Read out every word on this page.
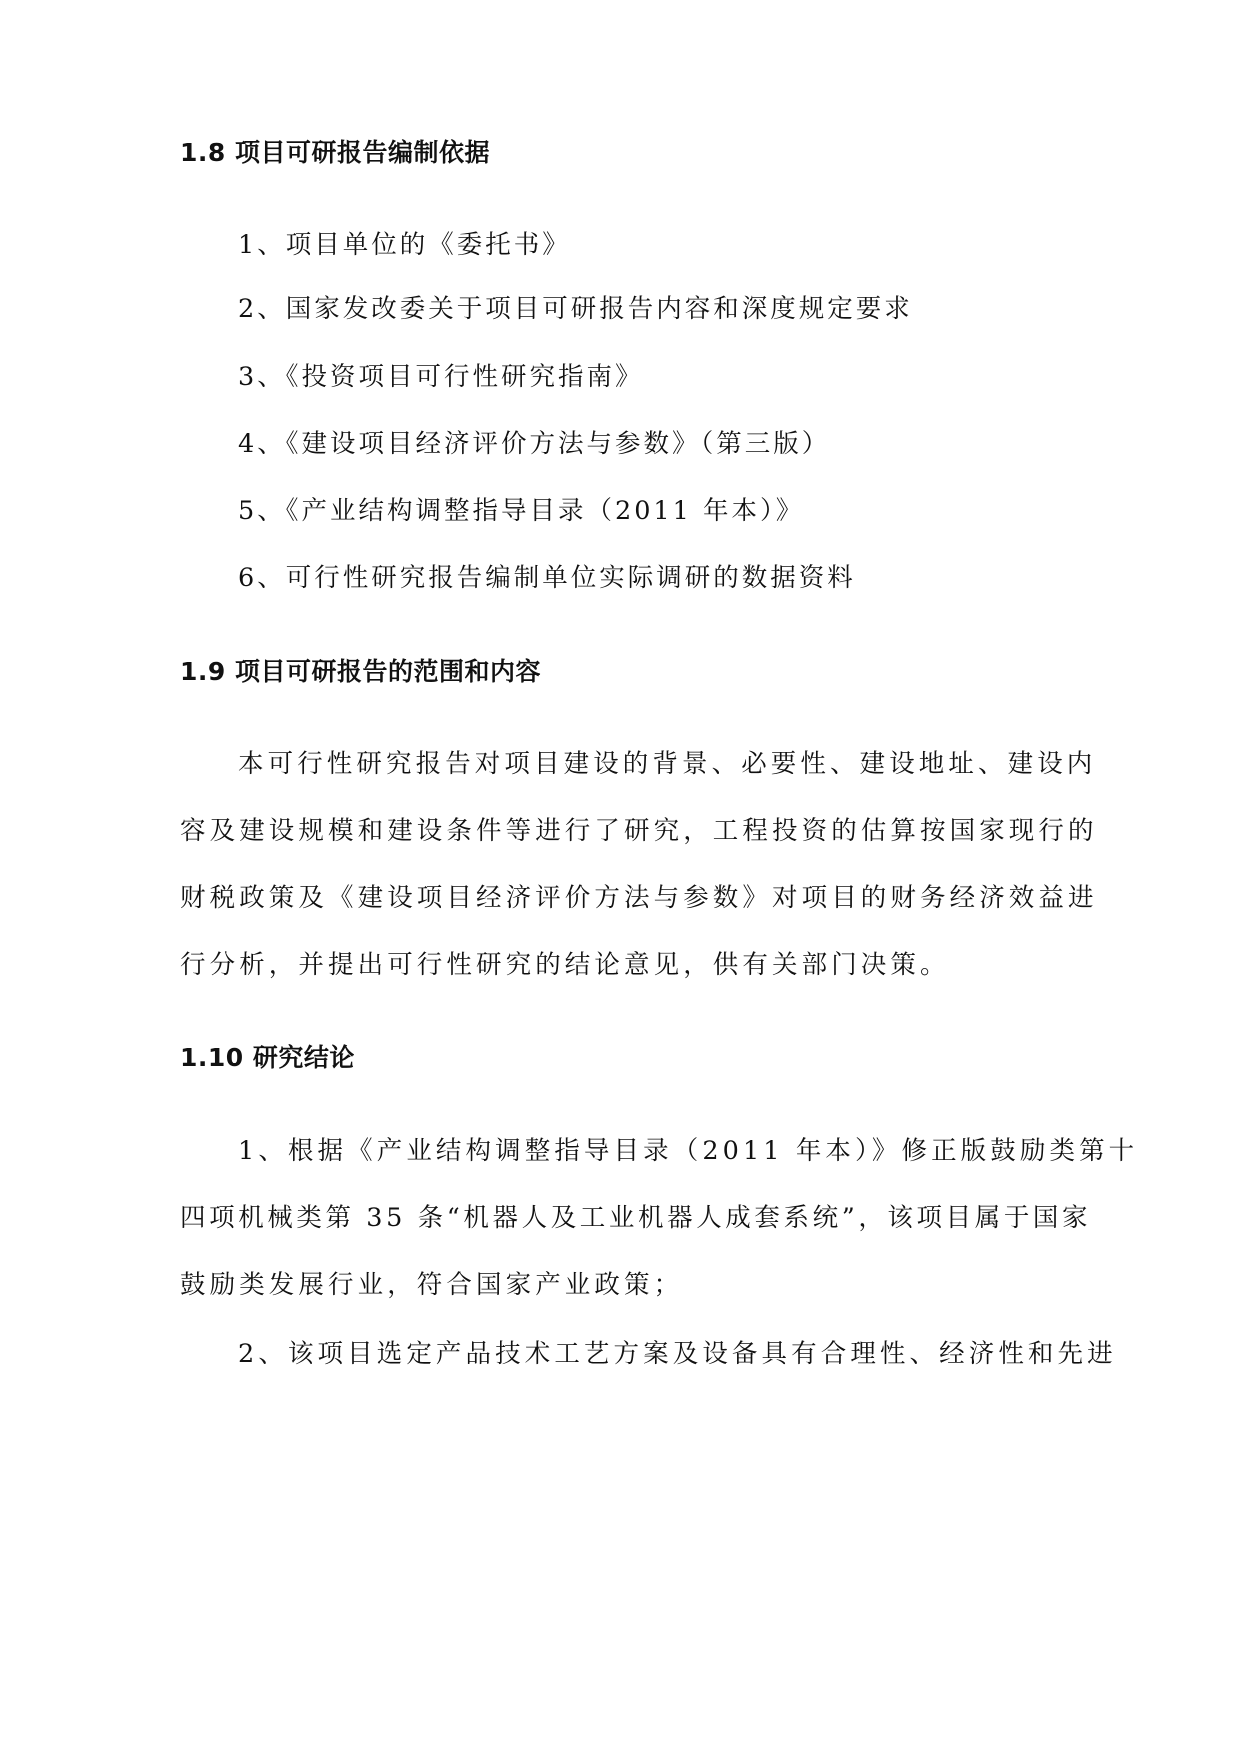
1.8 项目可研报告编制依据
1、项目单位的《委托书》
2、国家发改委关于项目可研报告内容和深度规定要求
3、《投资项目可行性研究指南》
4、《建设项目经济评价方法与参数》（第三版）
5、《产业结构调整指导目录（2011 年本）》
6、可行性研究报告编制单位实际调研的数据资料
1.9 项目可研报告的范围和内容
本可行性研究报告对项目建设的背景、必要性、建设地址、建设内
容及建设规模和建设条件等进行了研究，工程投资的估算按国家现行的
财税政策及《建设项目经济评价方法与参数》对项目的财务经济效益进
行分析，并提出可行性研究的结论意见，供有关部门决策。
1.10 研究结论
1、根据《产业结构调整指导目录（2011 年本）》修正版鼓励类第十
四项机械类第 35 条“机器人及工业机器人成套系统”，该项目属于国家
鼓励类发展行业，符合国家产业政策；
2、该项目选定产品技术工艺方案及设备具有合理性、经济性和先进
